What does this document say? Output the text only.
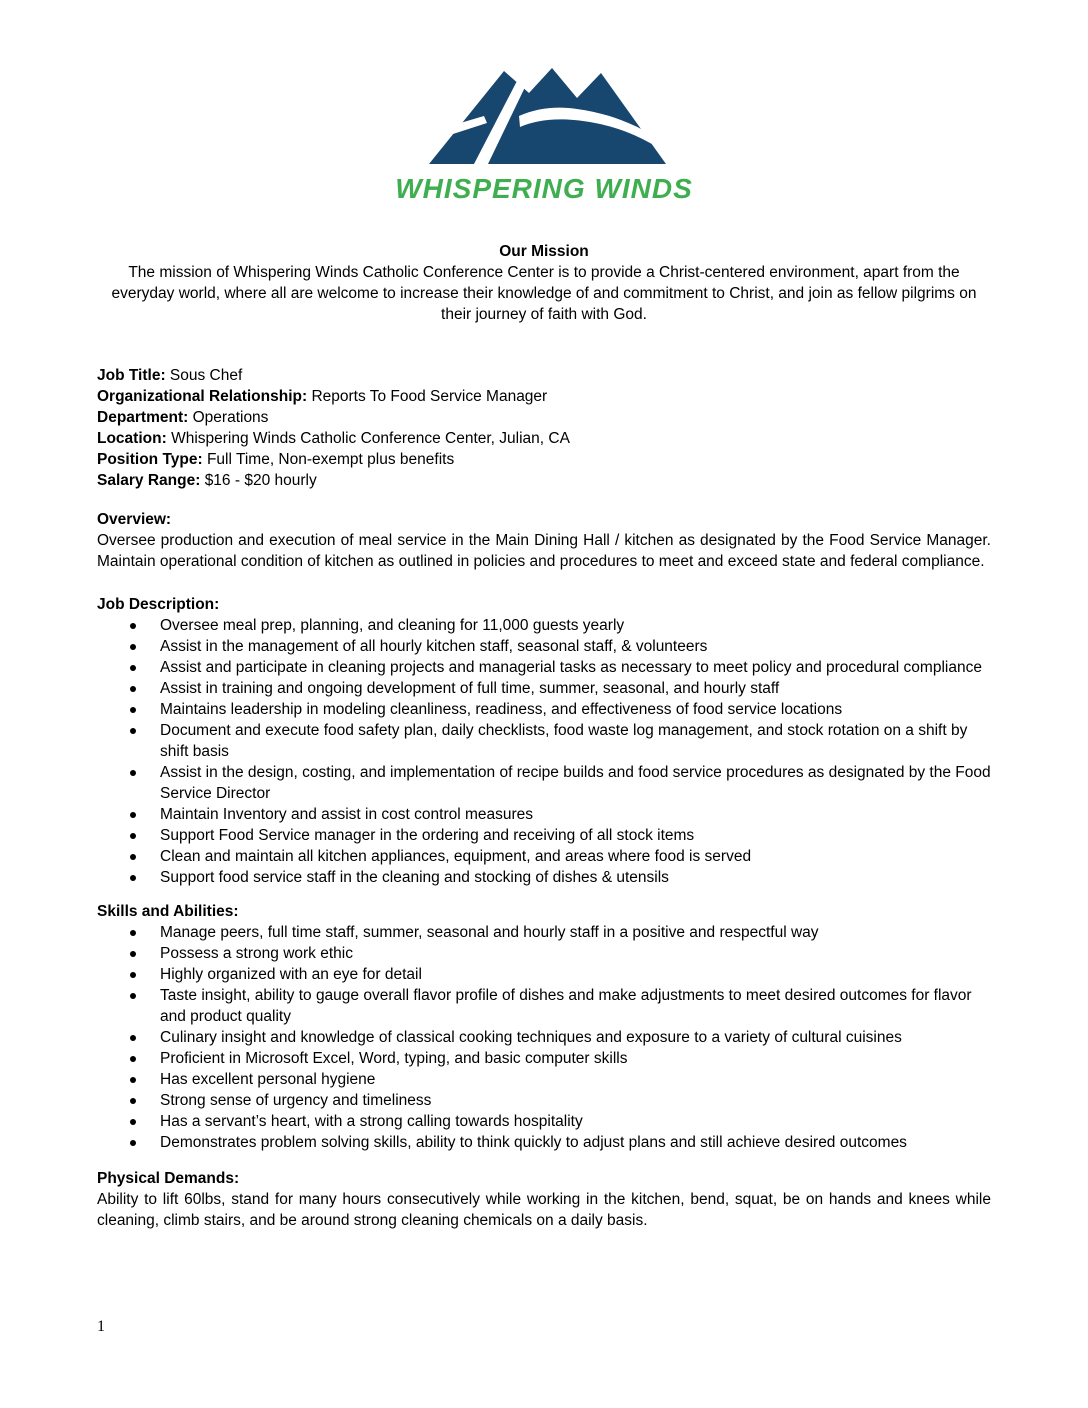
WHISPERING WINDS

Our Mission

The mission of Whispering Winds Catholic Conference Center is to provide a Christ-centered environment, apart from the everyday world, where all are welcome to increase their knowledge of and commitment to Christ, and join as fellow pilgrims on their journey of faith with God.

Job Title: Sous Chef

Organizational Relationship: Reports To Food Service Manager

Department: Operations

Location: Whispering Winds Catholic Conference Center, Julian, CA

Position Type: Full Time, Non-exempt plus benefits

Salary Range: $16 - $20 hourly

Overview:

Oversee production and execution of meal service in the Main Dining Hall / kitchen as designated by the Food Service Manager. Maintain operational condition of kitchen as outlined in policies and procedures to meet and exceed state and federal compliance.

Job Description:

Oversee meal prep, planning, and cleaning for 11,000 guests yearly
Assist in the management of all hourly kitchen staff, seasonal staff, & volunteers
Assist and participate in cleaning projects and managerial tasks as necessary to meet policy and procedural compliance
Assist in training and ongoing development of full time, summer, seasonal, and hourly staff
Maintains leadership in modeling cleanliness, readiness, and effectiveness of food service locations
Document and execute food safety plan, daily checklists, food waste log management, and stock rotation on a shift by shift basis
Assist in the design, costing, and implementation of recipe builds and food service procedures as designated by the Food Service Director
Maintain Inventory and assist in cost control measures
Support Food Service manager in the ordering and receiving of all stock items
Clean and maintain all kitchen appliances, equipment, and areas where food is served
Support food service staff in the cleaning and stocking of dishes & utensils

Skills and Abilities:

Manage peers, full time staff, summer, seasonal and hourly staff in a positive and respectful way
Possess a strong work ethic
Highly organized with an eye for detail
Taste insight, ability to gauge overall flavor profile of dishes and make adjustments to meet desired outcomes for flavor and product quality
Culinary insight and knowledge of classical cooking techniques and exposure to a variety of cultural cuisines
Proficient in Microsoft Excel, Word, typing, and basic computer skills
Has excellent personal hygiene
Strong sense of urgency and timeliness
Has a servant’s heart, with a strong calling towards hospitality
Demonstrates problem solving skills, ability to think quickly to adjust plans and still achieve desired outcomes

Physical Demands:

Ability to lift 60lbs, stand for many hours consecutively while working in the kitchen, bend, squat, be on hands and knees while cleaning, climb stairs, and be around strong cleaning chemicals on a daily basis.

1
